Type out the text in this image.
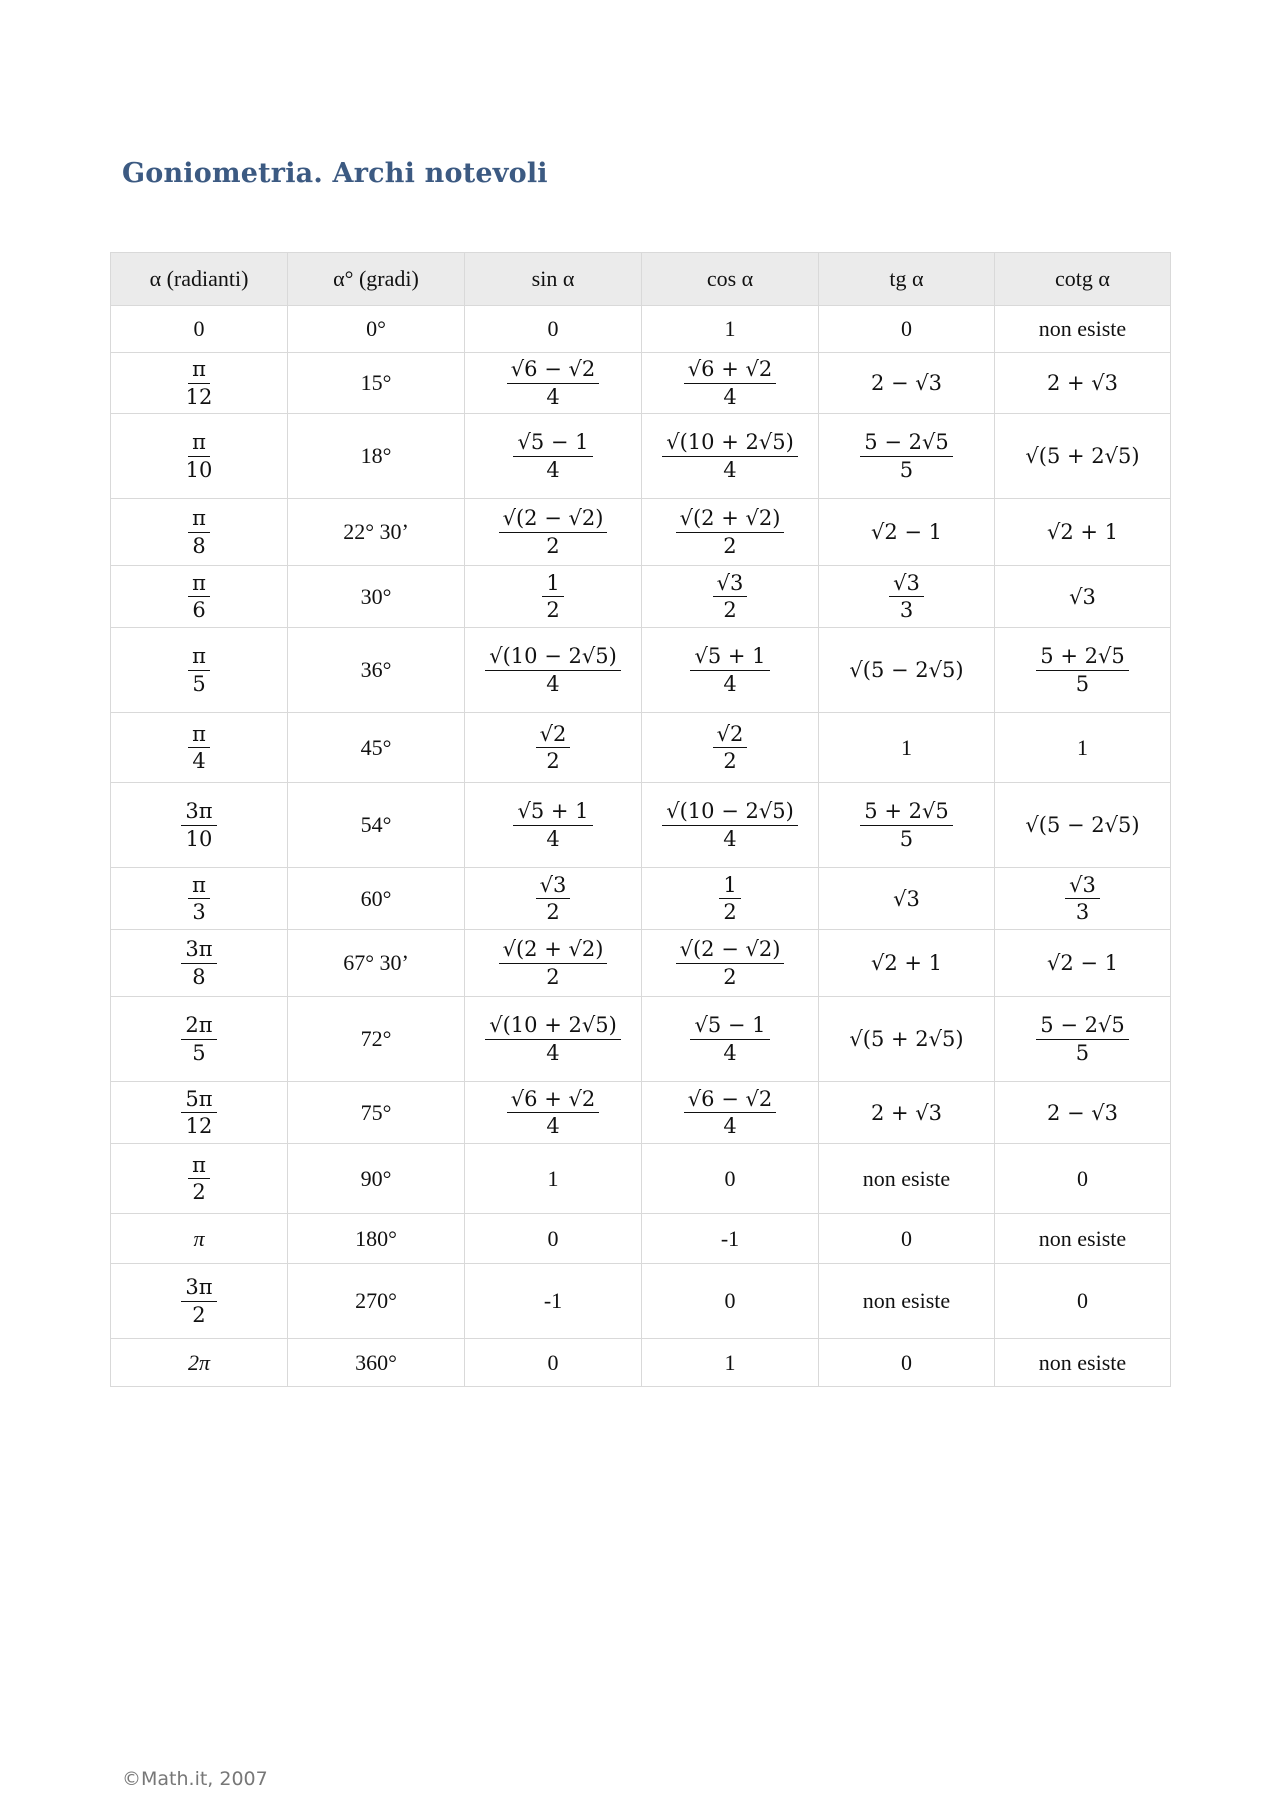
Goniometria. Archi notevoli
α (radianti)	α° (gradi)	sin α	cos α	tg α	cotg α
0	0°	0	1	0	non esiste

$\frac{\pi}{12}$	15°	$\frac{√6 - √2}{4}$	$\frac{√6 + √2}{4}$	2 − √3	2 + √3

$\frac{\pi}{10}$	18°	$\frac{√5 - 1}{4}$	$\frac{√(10 + 2√5)}{4}$	$\frac{5 - 2√5}{5}$	√(5 + 2√5)

$\frac{\pi}{8}$	22° 30’	$\frac{√(2 - √2)}{2}$	$\frac{√(2 + √2)}{2}$	√2 − 1	√2 + 1

$\frac{\pi}{6}$	30°	$\frac{1}{2}$	$\frac{√3}{2}$	$\frac{√3}{3}$	√3

$\frac{\pi}{5}$	36°	$\frac{√(10 - 2√5)}{4}$	$\frac{√5 + 1}{4}$	√(5 − 2√5)	$\frac{5 + 2√5}{5}$

$\frac{\pi}{4}$	45°	$\frac{√2}{2}$	$\frac{√2}{2}$	1	1

$\frac{3\pi}{10}$	54°	$\frac{√5 + 1}{4}$	$\frac{√(10 - 2√5)}{4}$	$\frac{5 + 2√5}{5}$	√(5 − 2√5)

$\frac{\pi}{3}$	60°	$\frac{√3}{2}$	$\frac{1}{2}$	√3	$\frac{√3}{3}$

$\frac{3\pi}{8}$	67° 30’	$\frac{√(2 + √2)}{2}$	$\frac{√(2 - √2)}{2}$	√2 + 1	√2 − 1

$\frac{2\pi}{5}$	72°	$\frac{√(10 + 2√5)}{4}$	$\frac{√5 - 1}{4}$	√(5 + 2√5)	$\frac{5 - 2√5}{5}$

$\frac{5\pi}{12}$	75°	$\frac{√6 + √2}{4}$	$\frac{√6 - √2}{4}$	2 + √3	2 − √3

$\frac{\pi}{2}$	90°	1	0	non esiste	0
π	180°	0	-1	0	non esiste

$\frac{3\pi}{2}$	270°	-1	0	non esiste	0
2π	360°	0	1	0	non esiste
©Math.it, 2007
